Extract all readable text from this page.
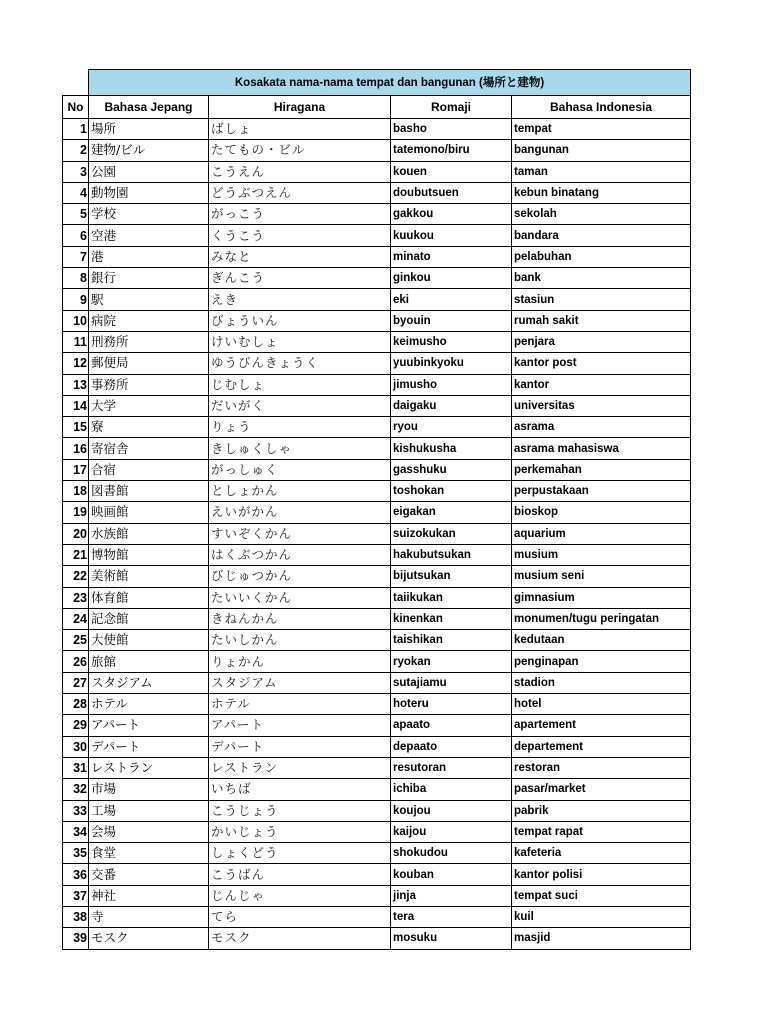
	Kosakata nama-nama tempat dan bangunan (場所と建物)			
No	Bahasa Jepang	Hiragana	Romaji	Bahasa Indonesia
1	場所	ばしょ	basho	tempat
2	建物/ビル	たてもの・ビル	tatemono/biru	bangunan
3	公園	こうえん	kouen	taman
4	動物園	どうぶつえん	doubutsuen	kebun binatang
5	学校	がっこう	gakkou	sekolah
6	空港	くうこう	kuukou	bandara
7	港	みなと	minato	pelabuhan
8	銀行	ぎんこう	ginkou	bank
9	駅	えき	eki	stasiun
10	病院	びょういん	byouin	rumah sakit
11	刑務所	けいむしょ	keimusho	penjara
12	郵便局	ゆうびんきょうく	yuubinkyoku	kantor post
13	事務所	じむしょ	jimusho	kantor
14	大学	だいがく	daigaku	universitas
15	寮	りょう	ryou	asrama
16	寄宿舎	きしゅくしゃ	kishukusha	asrama mahasiswa
17	合宿	がっしゅく	gasshuku	perkemahan
18	図書館	としょかん	toshokan	perpustakaan
19	映画館	えいがかん	eigakan	bioskop
20	水族館	すいぞくかん	suizokukan	aquarium
21	博物館	はくぶつかん	hakubutsukan	musium
22	美術館	びじゅつかん	bijutsukan	musium seni
23	体育館	たいいくかん	taiikukan	gimnasium
24	記念館	きねんかん	kinenkan	monumen/tugu peringatan
25	大使館	たいしかん	taishikan	kedutaan
26	旅館	りょかん	ryokan	penginapan
27	スタジアム	スタジアム	sutajiamu	stadion
28	ホテル	ホテル	hoteru	hotel
29	アパート	アパート	apaato	apartement
30	デパート	デパート	depaato	departement
31	レストラン	レストラン	resutoran	restoran
32	市場	いちば	ichiba	pasar/market
33	工場	こうじょう	koujou	pabrik
34	会場	かいじょう	kaijou	tempat rapat
35	食堂	しょくどう	shokudou	kafeteria
36	交番	こうばん	kouban	kantor polisi
37	神社	じんじゃ	jinja	tempat suci
38	寺	てら	tera	kuil
39	モスク	モスク	mosuku	masjid
